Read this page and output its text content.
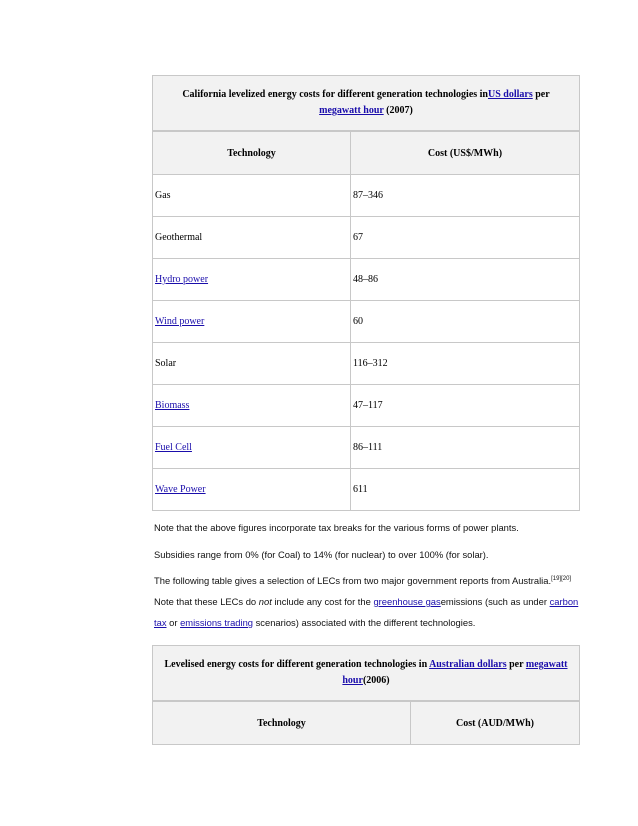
California levelized energy costs for different generation technologies inUS dollars per megawatt hour (2007)
Technology	Cost (US$/MWh)
Gas	87–346
Geothermal	67
Hydro power	48–86
Wind power	60
Solar	116–312
Biomass	47–117
Fuel Cell	86–111
Wave Power	611

Note that the above figures incorporate tax breaks for the various forms of power plants.

Subsidies range from 0% (for Coal) to 14% (for nuclear) to over 100% (for solar).

The following table gives a selection of LECs from two major government reports from Australia.[19][20] Note that these LECs do not include any cost for the greenhouse gasemissions (such as under carbon tax or emissions trading scenarios) associated with the different technologies.

Levelised energy costs for different generation technologies in Australian dollars per megawatt hour(2006)
Technology	Cost (AUD/MWh)
